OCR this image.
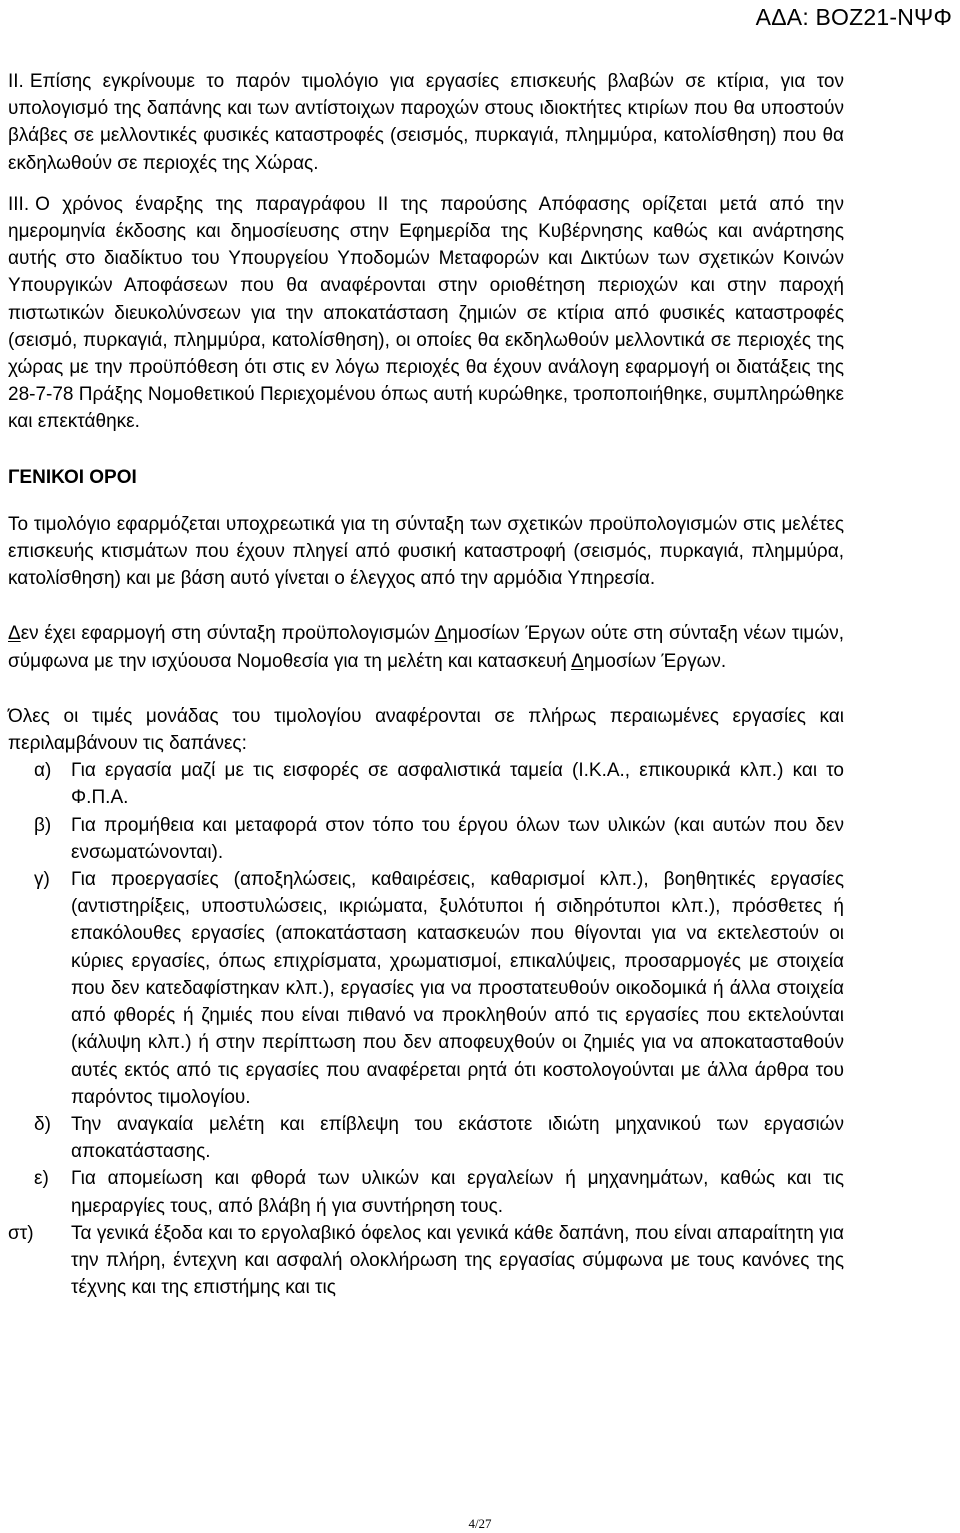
ΑΔΑ: ΒΟΖ21-ΝΨΦ

II. Επίσης εγκρίνουμε το παρόν τιμολόγιο για εργασίες επισκευής βλαβών σε κτίρια, για τον υπολογισμό της δαπάνης και των αντίστοιχων παροχών στους ιδιοκτήτες κτιρίων που θα υποστούν βλάβες σε μελλοντικές φυσικές καταστροφές (σεισμός, πυρκαγιά, πλημμύρα, κατολίσθηση) που θα εκδηλωθούν σε περιοχές της Χώρας.

III. Ο χρόνος έναρξης της παραγράφου ΙΙ της παρούσης Απόφασης ορίζεται μετά από την ημερομηνία έκδοσης και δημοσίευσης στην Εφημερίδα της Κυβέρνησης καθώς και ανάρτησης αυτής στο διαδίκτυο του Υπουργείου Υποδομών Μεταφορών και Δικτύων των σχετικών Κοινών Υπουργικών Αποφάσεων που θα αναφέρονται στην οριοθέτηση περιοχών και στην παροχή πιστωτικών διευκολύνσεων για την αποκατάσταση ζημιών σε κτίρια από φυσικές καταστροφές (σεισμό, πυρκαγιά, πλημμύρα, κατολίσθηση), οι οποίες θα εκδηλωθούν μελλοντικά σε περιοχές της χώρας με την προϋπόθεση ότι στις εν λόγω περιοχές θα έχουν ανάλογη εφαρμογή οι διατάξεις της 28-7-78 Πράξης Νομοθετικού Περιεχομένου όπως αυτή κυρώθηκε, τροποποιήθηκε, συμπληρώθηκε και επεκτάθηκε.

ΓΕΝΙΚΟΙ ΟΡΟΙ

Το τιμολόγιο εφαρμόζεται υποχρεωτικά για τη σύνταξη των σχετικών προϋπολογισμών στις μελέτες επισκευής κτισμάτων που έχουν πληγεί από φυσική καταστροφή (σεισμός, πυρκαγιά, πλημμύρα, κατολίσθηση) και με βάση αυτό γίνεται ο έλεγχος από την αρμόδια Υπηρεσία.

Δεν έχει εφαρμογή στη σύνταξη προϋπολογισμών Δημοσίων Έργων ούτε στη σύνταξη νέων τιμών, σύμφωνα με την ισχύουσα Νομοθεσία για τη μελέτη και κατασκευή Δημοσίων Έργων.

Όλες οι τιμές μονάδας του τιμολογίου αναφέρονται σε πλήρως περαιωμένες εργασίες και περιλαμβάνουν τις δαπάνες:

α)	Για εργασία μαζί με τις εισφορές σε ασφαλιστικά ταμεία (Ι.Κ.Α., επικουρικά κλπ.) και το Φ.Π.Α.
β)	Για προμήθεια και μεταφορά στον τόπο του έργου όλων των υλικών (και αυτών που δεν ενσωματώνονται).
γ)	Για προεργασίες (αποξηλώσεις, καθαιρέσεις, καθαρισμοί κλπ.), βοηθητικές εργασίες (αντιστηρίξεις, υποστυλώσεις, ικριώματα, ξυλότυποι ή σιδηρότυποι κλπ.), πρόσθετες ή επακόλουθες εργασίες (αποκατάσταση κατασκευών που θίγονται για να εκτελεστούν οι κύριες εργασίες, όπως επιχρίσματα, χρωματισμοί, επικαλύψεις, προσαρμογές με στοιχεία που δεν κατεδαφίστηκαν κλπ.), εργασίες για να προστατευθούν οικοδομικά ή άλλα στοιχεία από φθορές ή ζημιές που είναι πιθανό να προκληθούν από τις εργασίες που εκτελούνται (κάλυψη κλπ.) ή στην περίπτωση που δεν αποφευχθούν οι ζημιές για να αποκατασταθούν αυτές εκτός από τις εργασίες που αναφέρεται ρητά ότι κοστολογούνται με άλλα άρθρα του παρόντος τιμολογίου.
δ)	Την αναγκαία μελέτη και επίβλεψη του εκάστοτε ιδιώτη μηχανικού των εργασιών αποκατάστασης.
ε)	Για απομείωση και φθορά των υλικών και εργαλείων ή μηχανημάτων, καθώς και τις ημεραργίες τους, από βλάβη ή για συντήρηση τους.
στ)	Τα γενικά έξοδα και το εργολαβικό όφελος και γενικά κάθε δαπάνη, που είναι απαραίτητη για την πλήρη, έντεχνη και ασφαλή ολοκλήρωση της εργασίας σύμφωνα με τους κανόνες της τέχνης και της επιστήμης και τις
4/27
